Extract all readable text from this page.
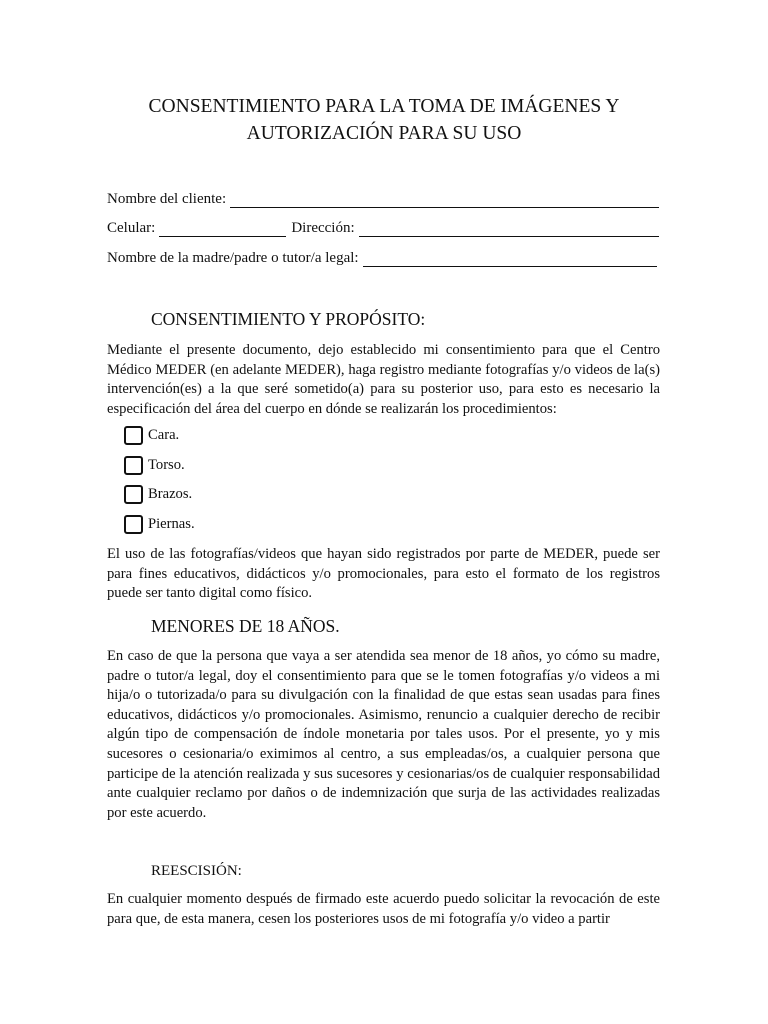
CONSENTIMIENTO PARA LA TOMA DE IMÁGENES Y
AUTORIZACIÓN PARA SU USO
Nombre del cliente:
Celular:	Dirección:
Nombre de la madre/padre o tutor/a legal:
CONSENTIMIENTO Y PROPÓSITO:

Mediante el presente documento, dejo establecido mi consentimiento para que el Centro Médico MEDER (en adelante MEDER), haga registro mediante fotografías y/o videos de la(s) intervención(es) a la que seré sometido(a) para su posterior uso, para esto es necesario la especificación del área del cuerpo en dónde se realizarán los procedimientos:

Cara.
Torso.
Brazos.
Piernas.

El uso de las fotografías/videos que hayan sido registrados por parte de MEDER, puede ser para fines educativos, didácticos y/o promocionales, para esto el formato de los registros puede ser tanto digital como físico.

MENORES DE 18 AÑOS.

En caso de que la persona que vaya a ser atendida sea menor de 18 años, yo cómo su madre, padre o tutor/a legal, doy el consentimiento para que se le tomen fotografías y/o videos a mi hija/o o tutorizada/o para su divulgación con la finalidad de que estas sean usadas para fines educativos, didácticos y/o promocionales. Asimismo, renuncio a cualquier derecho de recibir algún tipo de compensación de índole monetaria por tales usos. Por el presente, yo y mis sucesores o cesionaria/o eximimos al centro, a sus empleadas/os, a cualquier persona que participe de la atención realizada y sus sucesores y cesionarias/os de cualquier responsabilidad ante cualquier reclamo por daños o de indemnización que surja de las actividades realizadas por este acuerdo.

REESCISIÓN:

En cualquier momento después de firmado este acuerdo puedo solicitar la revocación de este para que, de esta manera, cesen los posteriores usos de mi fotografía y/o video a partir
